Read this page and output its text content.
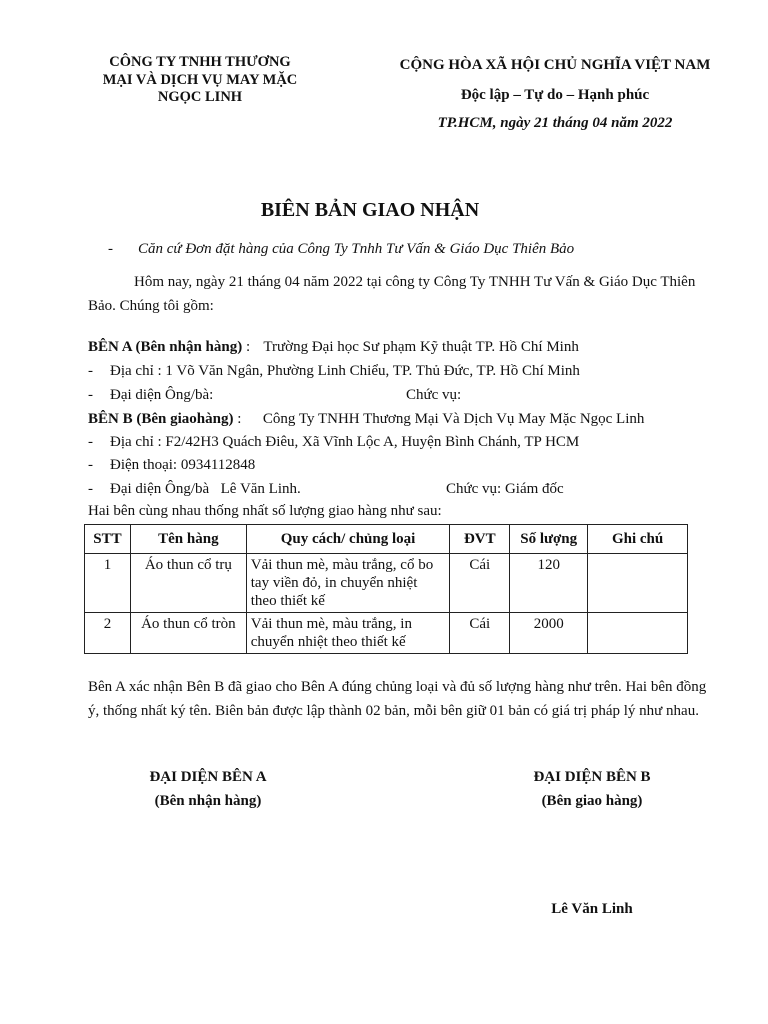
CÔNG TY TNHH THƯƠNG
MẠI VÀ DỊCH VỤ MAY MẶC
NGỌC LINH
CỘNG HÒA XÃ HỘI CHỦ NGHĨA VIỆT NAM
Độc lập – Tự do – Hạnh phúc
TP.HCM, ngày 21 tháng 04 năm 2022
BIÊN BẢN GIAO NHẬN
- Căn cứ Đơn đặt hàng của Công Ty Tnhh Tư Vấn & Giáo Dục Thiên Bảo
Hôm nay, ngày 21 tháng 04 năm 2022 tại công ty Công Ty TNHH Tư Vấn & Giáo Dục Thiên Bảo. Chúng tôi gồm:
BÊN A (Bên nhận hàng) : Trường Đại học Sư phạm Kỹ thuật TP. Hồ Chí Minh
- Địa chỉ : 1 Võ Văn Ngân, Phường Linh Chiểu, TP. Thủ Đức, TP. Hồ Chí Minh
- Đại diện Ông/bà:	Chức vụ:
BÊN B (Bên giaohàng) : Công Ty TNHH Thương Mại Và Dịch Vụ May Mặc Ngọc Linh
- Địa chỉ : F2/42H3 Quách Điêu, Xã Vĩnh Lộc A, Huyện Bình Chánh, TP HCM
- Điện thoại: 0934112848
- Đại diện Ông/bà Lê Văn Linh.	Chức vụ: Giám đốc
Hai bên cùng nhau thống nhất số lượng giao hàng như sau:
STT	Tên hàng	Quy cách/ chủng loại	ĐVT	Số lượng	Ghi chú
1	Áo thun cổ trụ	Vải thun mè, màu trắng, cổ bo tay viền đỏ, in chuyển nhiệt theo thiết kế	Cái	120	
2	Áo thun cổ tròn	Vải thun mè, màu trắng, in chuyển nhiệt theo thiết kế	Cái	2000	
Bên A xác nhận Bên B đã giao cho Bên A đúng chủng loại và đủ số lượng hàng như trên. Hai bên đồng ý, thống nhất ký tên. Biên bản được lập thành 02 bản, mỗi bên giữ 01 bản có giá trị pháp lý như nhau.
ĐẠI DIỆN BÊN A
(Bên nhận hàng)
ĐẠI DIỆN BÊN B
(Bên giao hàng)
Lê Văn Linh
